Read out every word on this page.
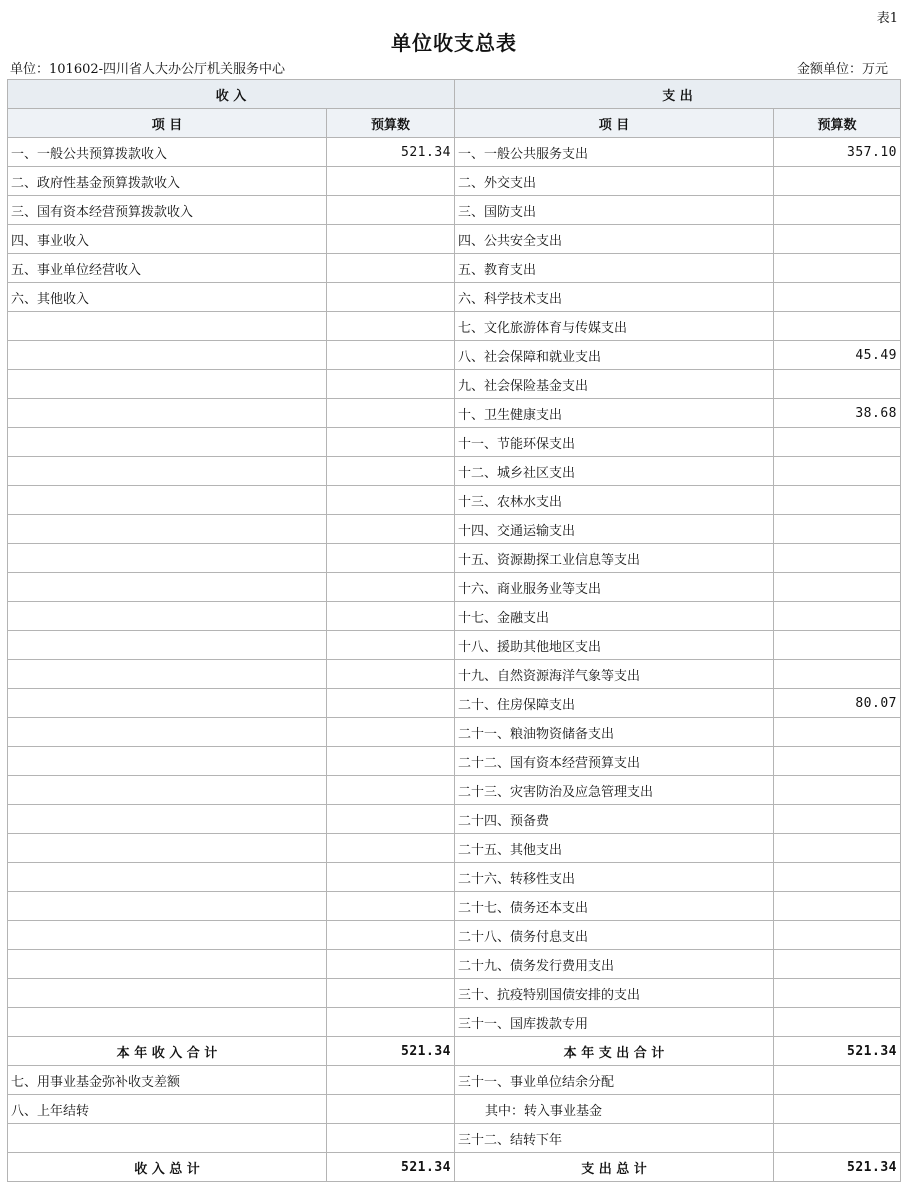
表1
单位收支总表
单位：101602-四川省人大办公厅机关服务中心	金额单位：万元
收 入		支 出	
项 目	预算数	项 目	预算数
一、一般公共预算拨款收入	521.34	一、一般公共服务支出	357.10
二、政府性基金预算拨款收入		二、外交支出	
三、国有资本经营预算拨款收入		三、国防支出	
四、事业收入		四、公共安全支出	
五、事业单位经营收入		五、教育支出	
六、其他收入		六、科学技术支出	
		七、文化旅游体育与传媒支出	
		八、社会保障和就业支出	45.49
		九、社会保险基金支出	
		十、卫生健康支出	38.68
		十一、节能环保支出	
		十二、城乡社区支出	
		十三、农林水支出	
		十四、交通运输支出	
		十五、资源勘探工业信息等支出	
		十六、商业服务业等支出	
		十七、金融支出	
		十八、援助其他地区支出	
		十九、自然资源海洋气象等支出	
		二十、住房保障支出	80.07
		二十一、粮油物资储备支出	
		二十二、国有资本经营预算支出	
		二十三、灾害防治及应急管理支出	
		二十四、预备费	
		二十五、其他支出	
		二十六、转移性支出	
		二十七、债务还本支出	
		二十八、债务付息支出	
		二十九、债务发行费用支出	
		三十、抗疫特别国债安排的支出	
		三十一、国库拨款专用	
本 年 收 入 合 计	521.34	本 年 支 出 合 计	521.34
七、用事业基金弥补收支差额		三十一、事业单位结余分配	
八、上年结转		其中：转入事业基金	
		三十二、结转下年	
收 入 总 计	521.34	支 出 总 计	521.34
